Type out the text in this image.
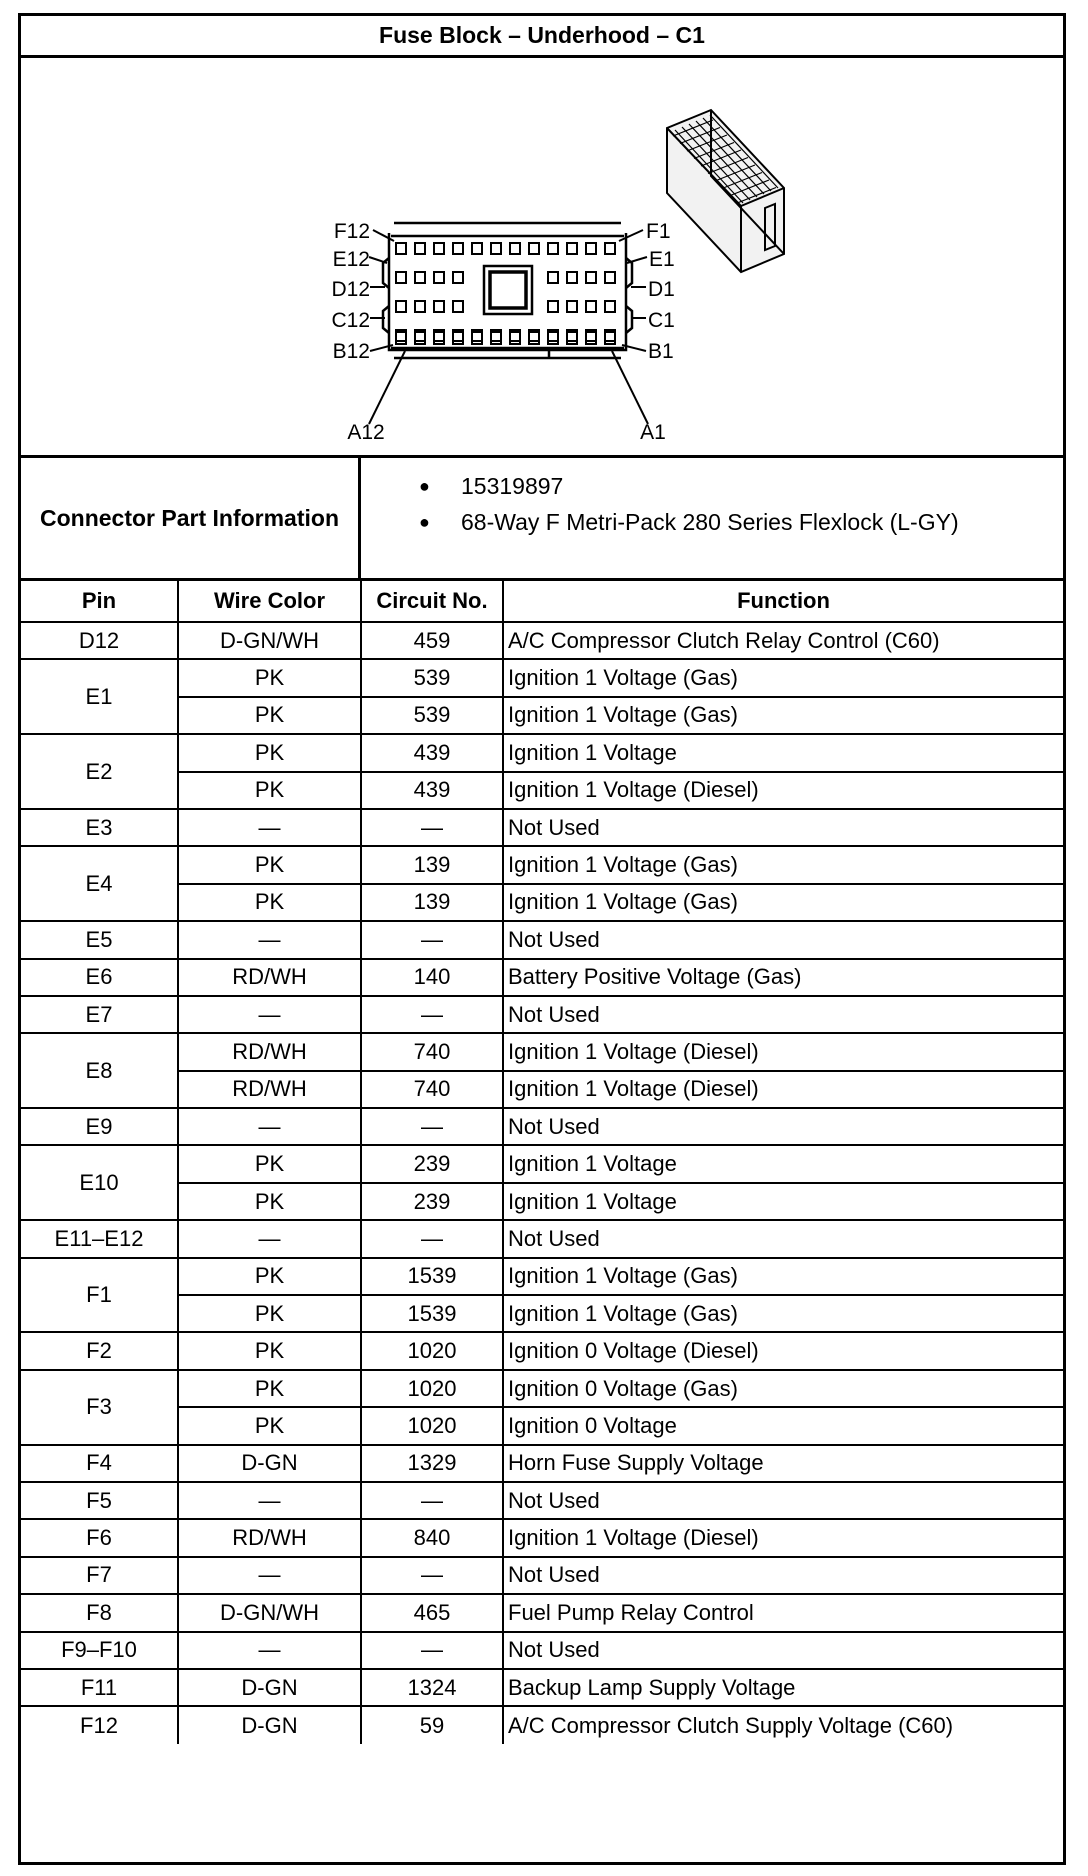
Fuse Block – Underhood – C1
F12
E12
D12
C12
B12
F1
E1
D1
C1
B1
A12	A1
Connector Part Information
● 15319897
● 68-Way F Metri-Pack 280 Series Flexlock (L-GY)
Pin	Wire Color	Circuit No.	Function
D12	D-GN/WH	459	A/C Compressor Clutch Relay Control (C60)
E1	PK	539	Ignition 1 Voltage (Gas)
	PK	539	Ignition 1 Voltage (Gas)
E2	PK	439	Ignition 1 Voltage
	PK	439	Ignition 1 Voltage (Diesel)
E3	—	—	Not Used
E4	PK	139	Ignition 1 Voltage (Gas)
	PK	139	Ignition 1 Voltage (Gas)
E5	—	—	Not Used
E6	RD/WH	140	Battery Positive Voltage (Gas)
E7	—	—	Not Used
E8	RD/WH	740	Ignition 1 Voltage (Diesel)
	RD/WH	740	Ignition 1 Voltage (Diesel)
E9	—	—	Not Used
E10	PK	239	Ignition 1 Voltage
	PK	239	Ignition 1 Voltage
E11–E12	—	—	Not Used
F1	PK	1539	Ignition 1 Voltage (Gas)
	PK	1539	Ignition 1 Voltage (Gas)
F2	PK	1020	Ignition 0 Voltage (Diesel)
F3	PK	1020	Ignition 0 Voltage (Gas)
	PK	1020	Ignition 0 Voltage
F4	D-GN	1329	Horn Fuse Supply Voltage
F5	—	—	Not Used
F6	RD/WH	840	Ignition 1 Voltage (Diesel)
F7	—	—	Not Used
F8	D-GN/WH	465	Fuel Pump Relay Control
F9–F10	—	—	Not Used
F11	D-GN	1324	Backup Lamp Supply Voltage
F12	D-GN	59	A/C Compressor Clutch Supply Voltage (C60)
